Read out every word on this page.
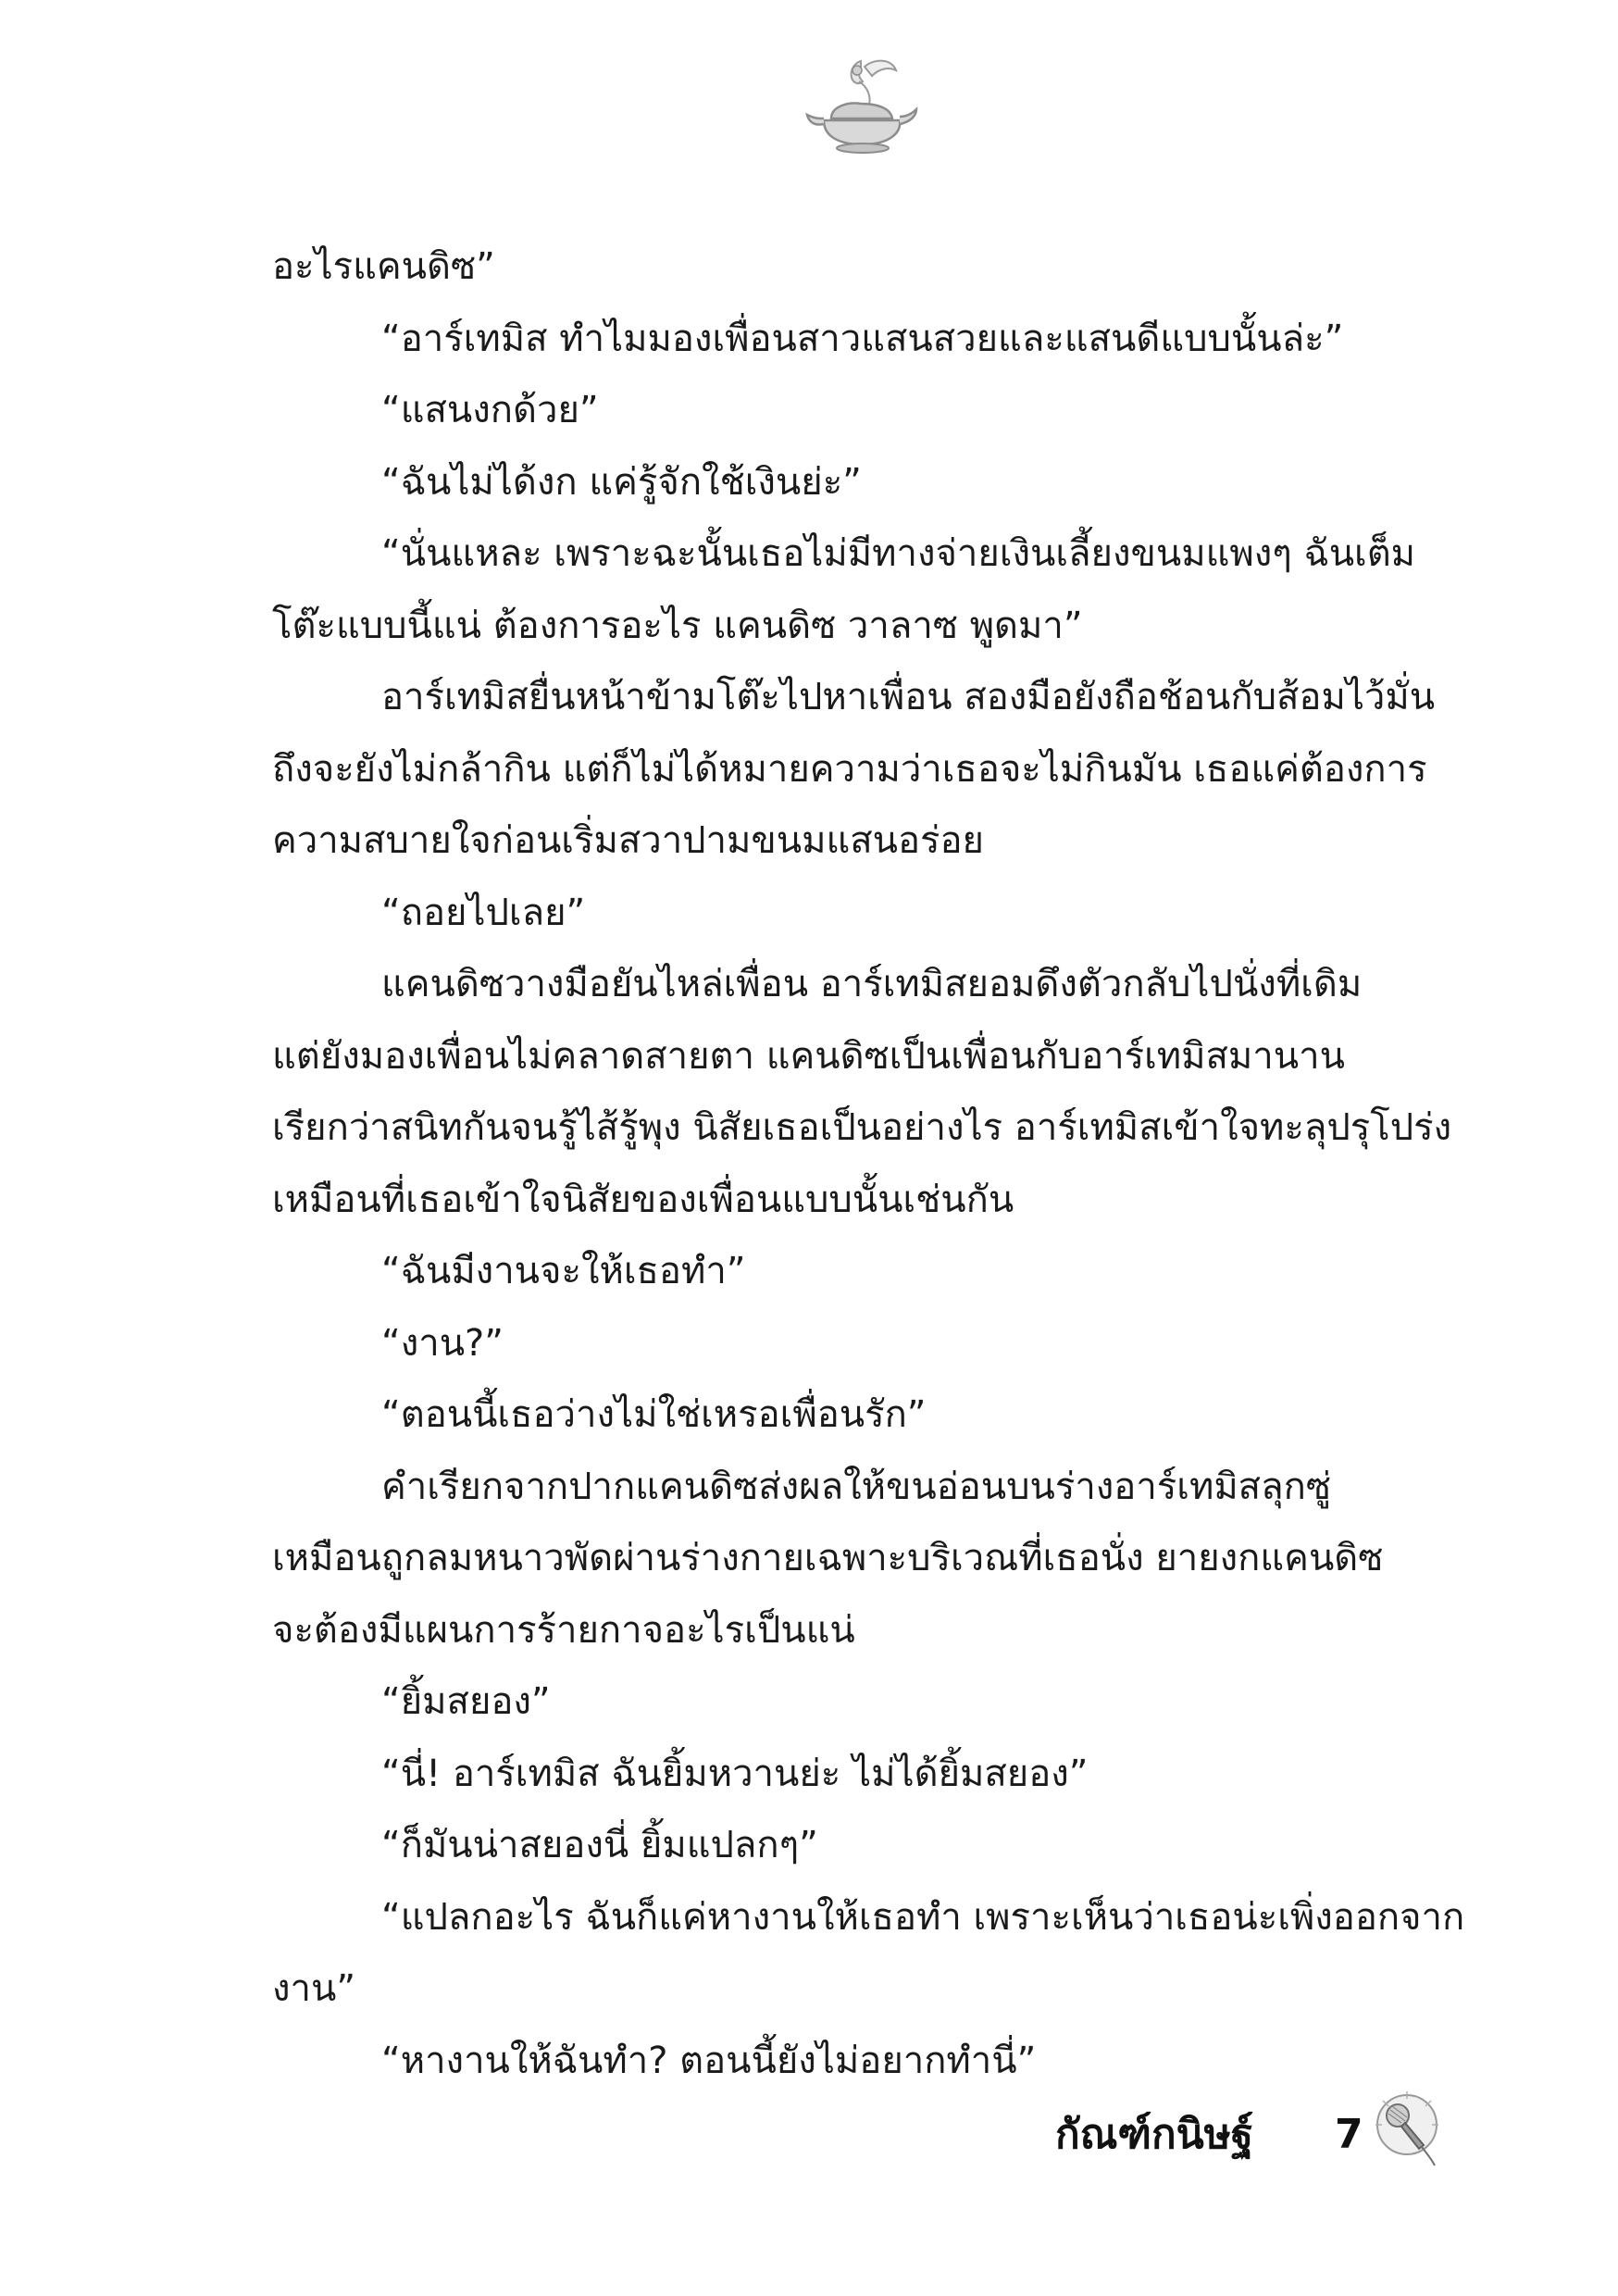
อะไรแคนดิซ”
“อาร์เทมิส ทำไมมองเพื่อนสาวแสนสวยและแสนดีแบบนั้นล่ะ”
“แสนงกด้วย”
“ฉันไม่ได้งก แค่รู้จักใช้เงินย่ะ”
“นั่นแหละ เพราะฉะนั้นเธอไม่มีทางจ่ายเงินเลี้ยงขนมแพงๆ ฉันเต็ม
โต๊ะแบบนี้แน่ ต้องการอะไร แคนดิซ วาลาซ พูดมา”
อาร์เทมิสยื่นหน้าข้ามโต๊ะไปหาเพื่อน สองมือยังถือช้อนกับส้อมไว้มั่น
ถึงจะยังไม่กล้ากิน แต่ก็ไม่ได้หมายความว่าเธอจะไม่กินมัน เธอแค่ต้องการ
ความสบายใจก่อนเริ่มสวาปามขนมแสนอร่อย
“ถอยไปเลย”
แคนดิซวางมือยันไหล่เพื่อน อาร์เทมิสยอมดึงตัวกลับไปนั่งที่เดิม
แต่ยังมองเพื่อนไม่คลาดสายตา แคนดิซเป็นเพื่อนกับอาร์เทมิสมานาน
เรียกว่าสนิทกันจนรู้ไส้รู้พุง นิสัยเธอเป็นอย่างไร อาร์เทมิสเข้าใจทะลุปรุโปร่ง
เหมือนที่เธอเข้าใจนิสัยของเพื่อนแบบนั้นเช่นกัน
“ฉันมีงานจะให้เธอทำ”
“งาน?”
“ตอนนี้เธอว่างไม่ใช่เหรอเพื่อนรัก”
คำเรียกจากปากแคนดิซส่งผลให้ขนอ่อนบนร่างอาร์เทมิสลุกซู่
เหมือนถูกลมหนาวพัดผ่านร่างกายเฉพาะบริเวณที่เธอนั่ง ยายงกแคนดิซ
จะต้องมีแผนการร้ายกาจอะไรเป็นแน่
“ยิ้มสยอง”
“นี่! อาร์เทมิส ฉันยิ้มหวานย่ะ ไม่ได้ยิ้มสยอง”
“ก็มันน่าสยองนี่ ยิ้มแปลกๆ”
“แปลกอะไร ฉันก็แค่หางานให้เธอทำ เพราะเห็นว่าเธอน่ะเพิ่งออกจาก
งาน”
“หางานให้ฉันทำ? ตอนนี้ยังไม่อยากทำนี่”
กัณฑ์กนิษฐ์ 7
